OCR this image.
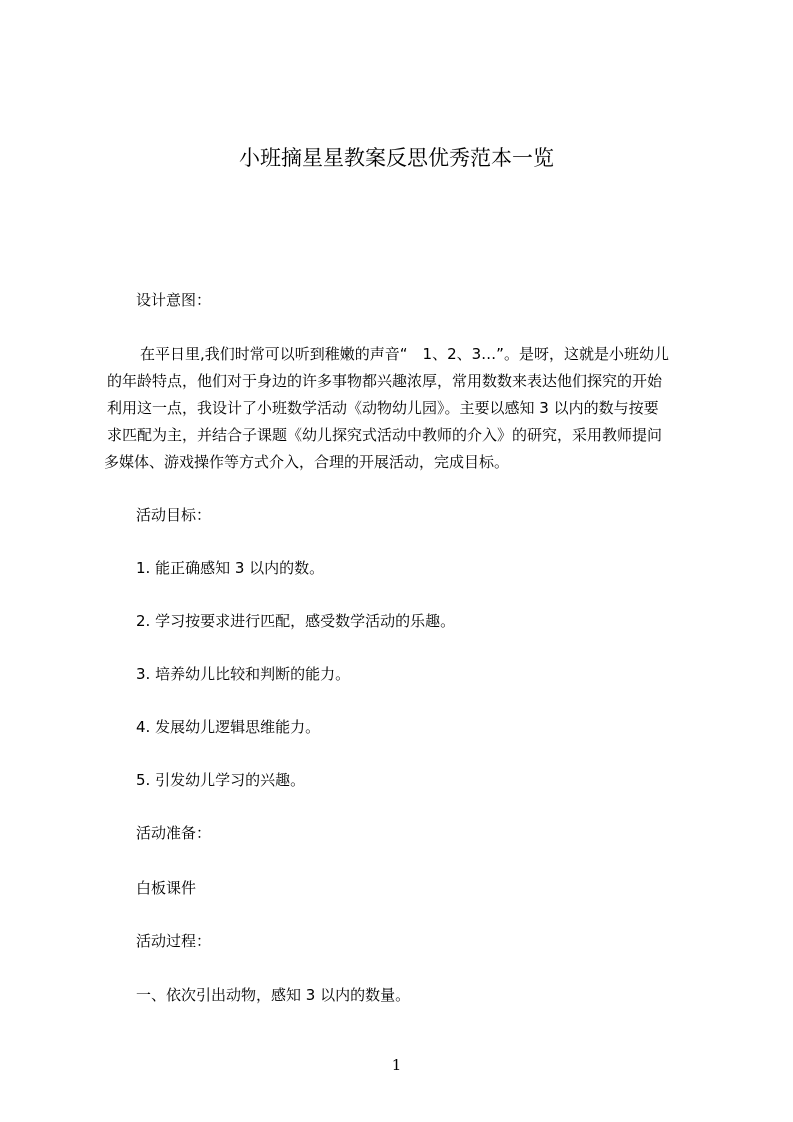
小班摘星星教案反思优秀范本一览
设计意图：
在平日里,我们时常可以听到稚嫩的声音“　1、2、3…”。是呀，这就是小班幼儿
的年龄特点，他们对于身边的许多事物都兴趣浓厚，常用数数来表达他们探究的开始
利用这一点，我设计了小班数学活动《动物幼儿园》。主要以感知 3 以内的数与按要
求匹配为主，并结合子课题《幼儿探究式活动中教师的介入》的研究，采用教师提问
多媒体、游戏操作等方式介入，合理的开展活动，完成目标。
活动目标：
1. 能正确感知 3 以内的数。
2. 学习按要求进行匹配，感受数学活动的乐趣。
3. 培养幼儿比较和判断的能力。
4. 发展幼儿逻辑思维能力。
5. 引发幼儿学习的兴趣。
活动准备：
白板课件
活动过程：
一、依次引出动物，感知 3 以内的数量。
1
